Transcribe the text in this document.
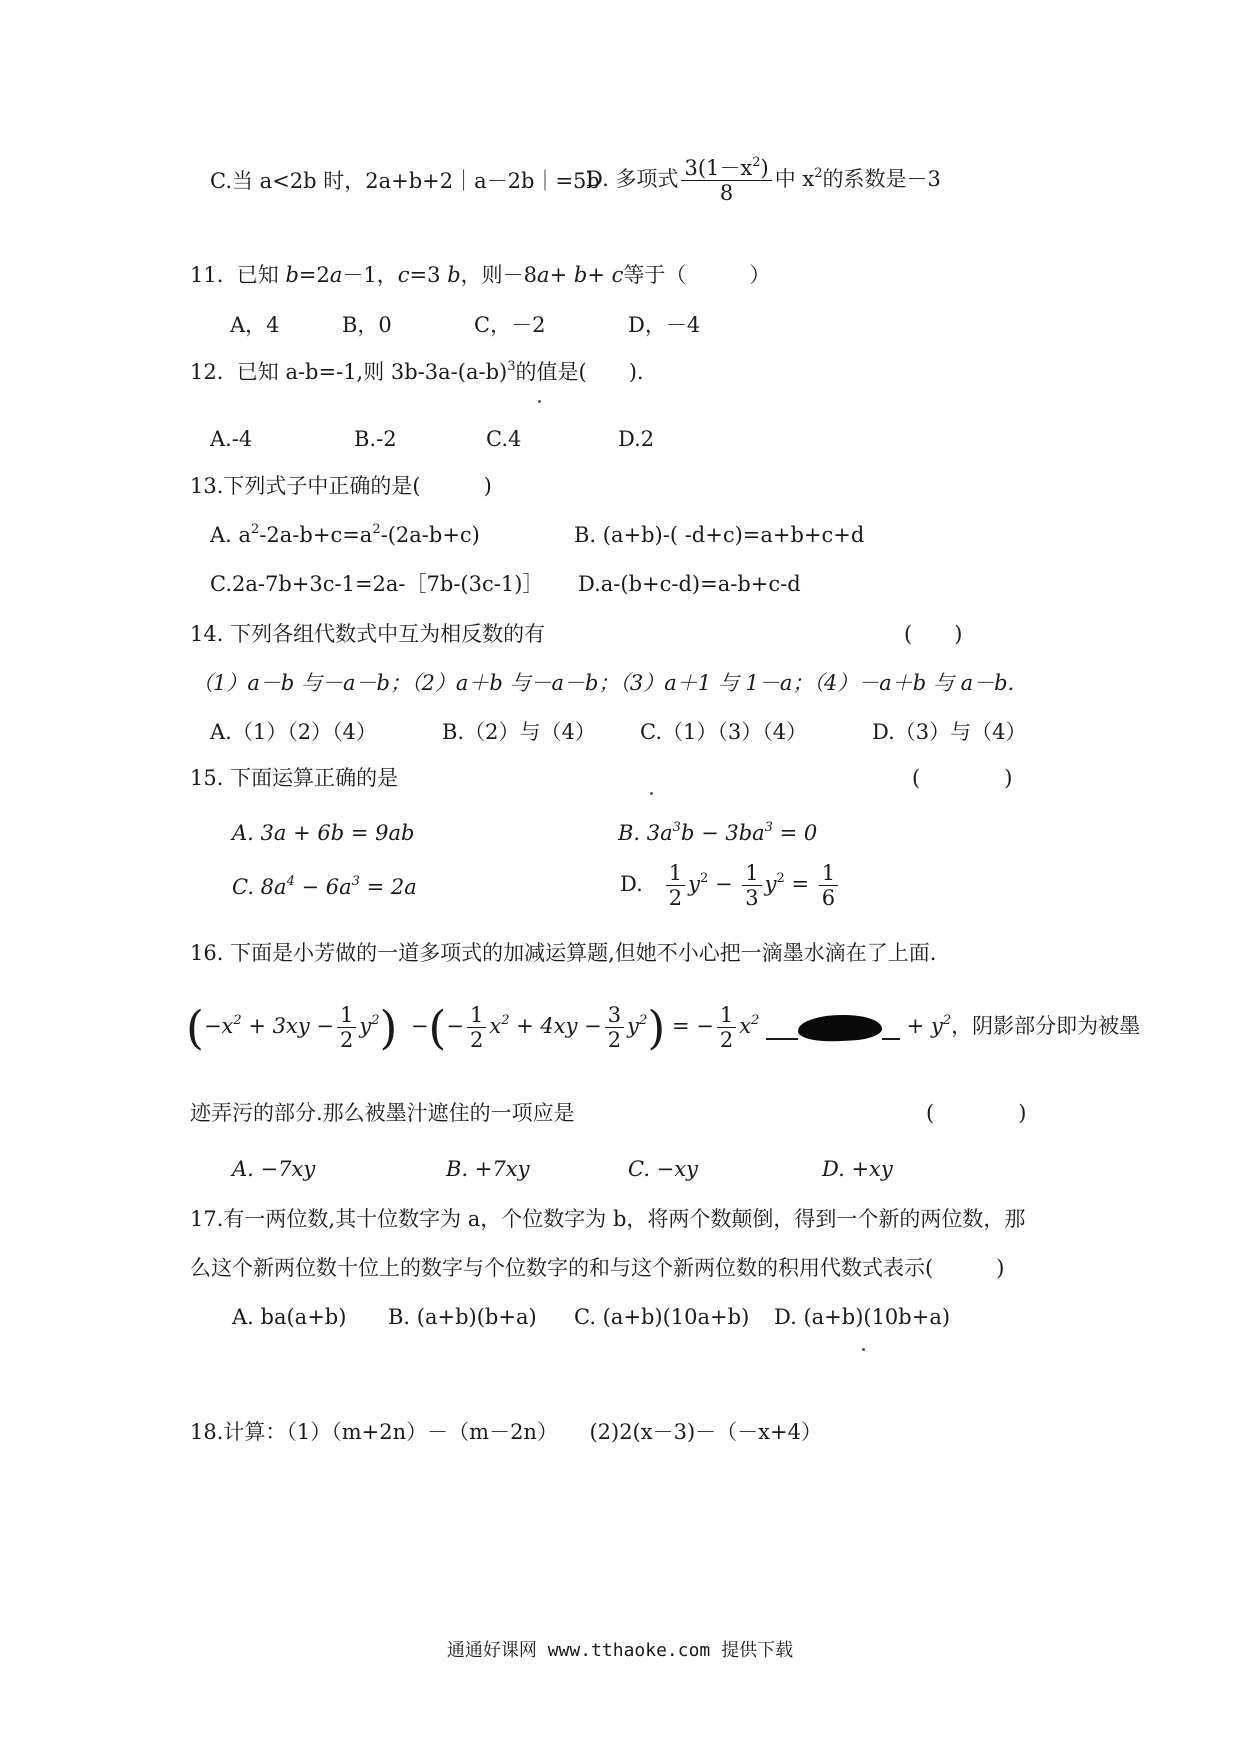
C.当 a<2b 时，2a+b+2｜a－2b｜=5b
D. 多项式 $\frac{3(1-x^2)}{8}$ 中 $x^2$的系数是－3
11. 已知 b=2a－1，c=3 b，则－8a+ b+ c等于（　　　）
A，4	B，0	C，－2	D，－4
12. 已知 a-b=-1,则 $3b-3a-(a-b)^3$的值是(　　).
A.-4	B.-2	C.4	D.2
13.下列式子中正确的是(　　　)
A. $a^2-2a-b+c=a^2-(2a-b+c)$	B. (a+b)-( -d+c)=a+b+c+d
C.2a-7b+3c-1=2a-［7b-(3c-1)］ D.a-(b+c-d)=a-b+c-d
14. 下列各组代数式中互为相反数的有	(　　)
（1）a－b 与－a－b；（2）a＋b 与－a－b；（3）a＋1 与 1－a；（4）－a＋b 与 a－b.
A.（1）（2）（4）	B.（2）与（4） C.（1）（3）（4）	D.（3）与（4）
15. 下面运算正确的是	(　　　　)
A. 3a + 6b = 9ab	B. $3a^3b - 3ba^3 = 0$
C. $8a^4 - 6a^3 = 2a$	D. $\frac{1}{2} y^2 - \frac{1}{3} y^2 = \frac{1}{6}$
16. 下面是小芳做的一道多项式的加减运算题,但她不小心把一滴墨水滴在了上面.
$(-x^2 + 3xy - \frac{1}{2} y^2)$  −(− $\frac{1}{2} x^2 + 4xy - \frac{3}{2} y^2$) = − $\frac{1}{2} x^2$	+ $y^2$，阴影部分即为被墨
迹弄污的部分.那么被墨汁遮住的一项应是	(　　　　)
A. −7xy	B. +7xy	C. −xy	D. +xy
17.有一两位数,其十位数字为 a，个位数字为 b，将两个数颠倒，得到一个新的两位数，那
么这个新两位数十位上的数字与个位数字的和与这个新两位数的积用代数式表示(　　　)
A. ba(a+b) B. (a+b)(b+a) C. (a+b)(10a+b) D. (a+b)(10b+a)
18.计算：（1）（m+2n）－（m－2n）　　(2)2(x－3)－（－x+4）
通通好课网 www.tthaoke.com 提供下载
